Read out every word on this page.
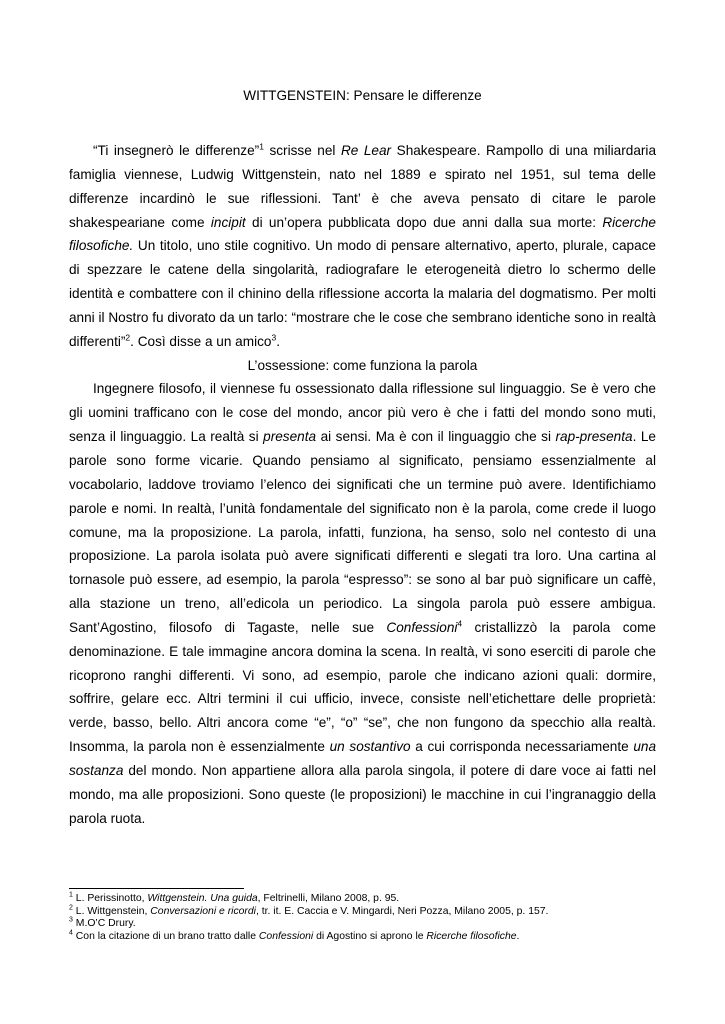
WITTGENSTEIN: Pensare le differenze

“Ti insegnerò le differenze”$^1$ scrisse nel Re Lear Shakespeare. Rampollo di una miliardaria famiglia viennese, Ludwig Wittgenstein, nato nel 1889 e spirato nel 1951, sul tema delle differenze incardinò le sue riflessioni. Tant’ è che aveva pensato di citare le parole shakespeariane come incipit di un’opera pubblicata dopo due anni dalla sua morte: Ricerche filosofiche. Un titolo, uno stile cognitivo. Un modo di pensare alternativo, aperto, plurale, capace di spezzare le catene della singolarità, radiografare le eterogeneità dietro lo schermo delle identità e combattere con il chinino della riflessione accorta la malaria del dogmatismo. Per molti anni il Nostro fu divorato da un tarlo: “mostrare che le cose che sembrano identiche sono in realtà differenti”$^2$. Così disse a un amico$^3$.

L’ossessione: come funziona la parola

Ingegnere filosofo, il viennese fu ossessionato dalla riflessione sul linguaggio. Se è vero che gli uomini trafficano con le cose del mondo, ancor più vero è che i fatti del mondo sono muti, senza il linguaggio. La realtà si presenta ai sensi. Ma è con il linguaggio che si rap-presenta. Le parole sono forme vicarie. Quando pensiamo al significato, pensiamo essenzialmente al vocabolario, laddove troviamo l’elenco dei significati che un termine può avere. Identifichiamo parole e nomi. In realtà, l’unità fondamentale del significato non è la parola, come crede il luogo comune, ma la proposizione. La parola, infatti, funziona, ha senso, solo nel contesto di una proposizione. La parola isolata può avere significati differenti e slegati tra loro. Una cartina al tornasole può essere, ad esempio, la parola “espresso”: se sono al bar può significare un caffè, alla stazione un treno, all’edicola un periodico. La singola parola può essere ambigua. Sant’Agostino, filosofo di Tagaste, nelle sue Confessioni$^4$ cristallizzò la parola come denominazione. E tale immagine ancora domina la scena. In realtà, vi sono eserciti di parole che ricoprono ranghi differenti. Vi sono, ad esempio, parole che indicano azioni quali: dormire, soffrire, gelare ecc. Altri termini il cui ufficio, invece, consiste nell’etichettare delle proprietà: verde, basso, bello. Altri ancora come “e”, “o” “se”, che non fungono da specchio alla realtà. Insomma, la parola non è essenzialmente un sostantivo a cui corrisponda necessariamente una sostanza del mondo. Non appartiene allora alla parola singola, il potere di dare voce ai fatti nel mondo, ma alle proposizioni. Sono queste (le proposizioni) le macchine in cui l’ingranaggio della parola ruota.

$^1$ L. Perissinotto, Wittgenstein. Una guida, Feltrinelli, Milano 2008, p. 95.
$^2$ L. Wittgenstein, Conversazioni e ricordi, tr. it. E. Caccia e V. Mingardi, Neri Pozza, Milano 2005, p. 157.
$^3$ M.O’C Drury.
$^4$ Con la citazione di un brano tratto dalle Confessioni di Agostino si aprono le Ricerche filosofiche.
